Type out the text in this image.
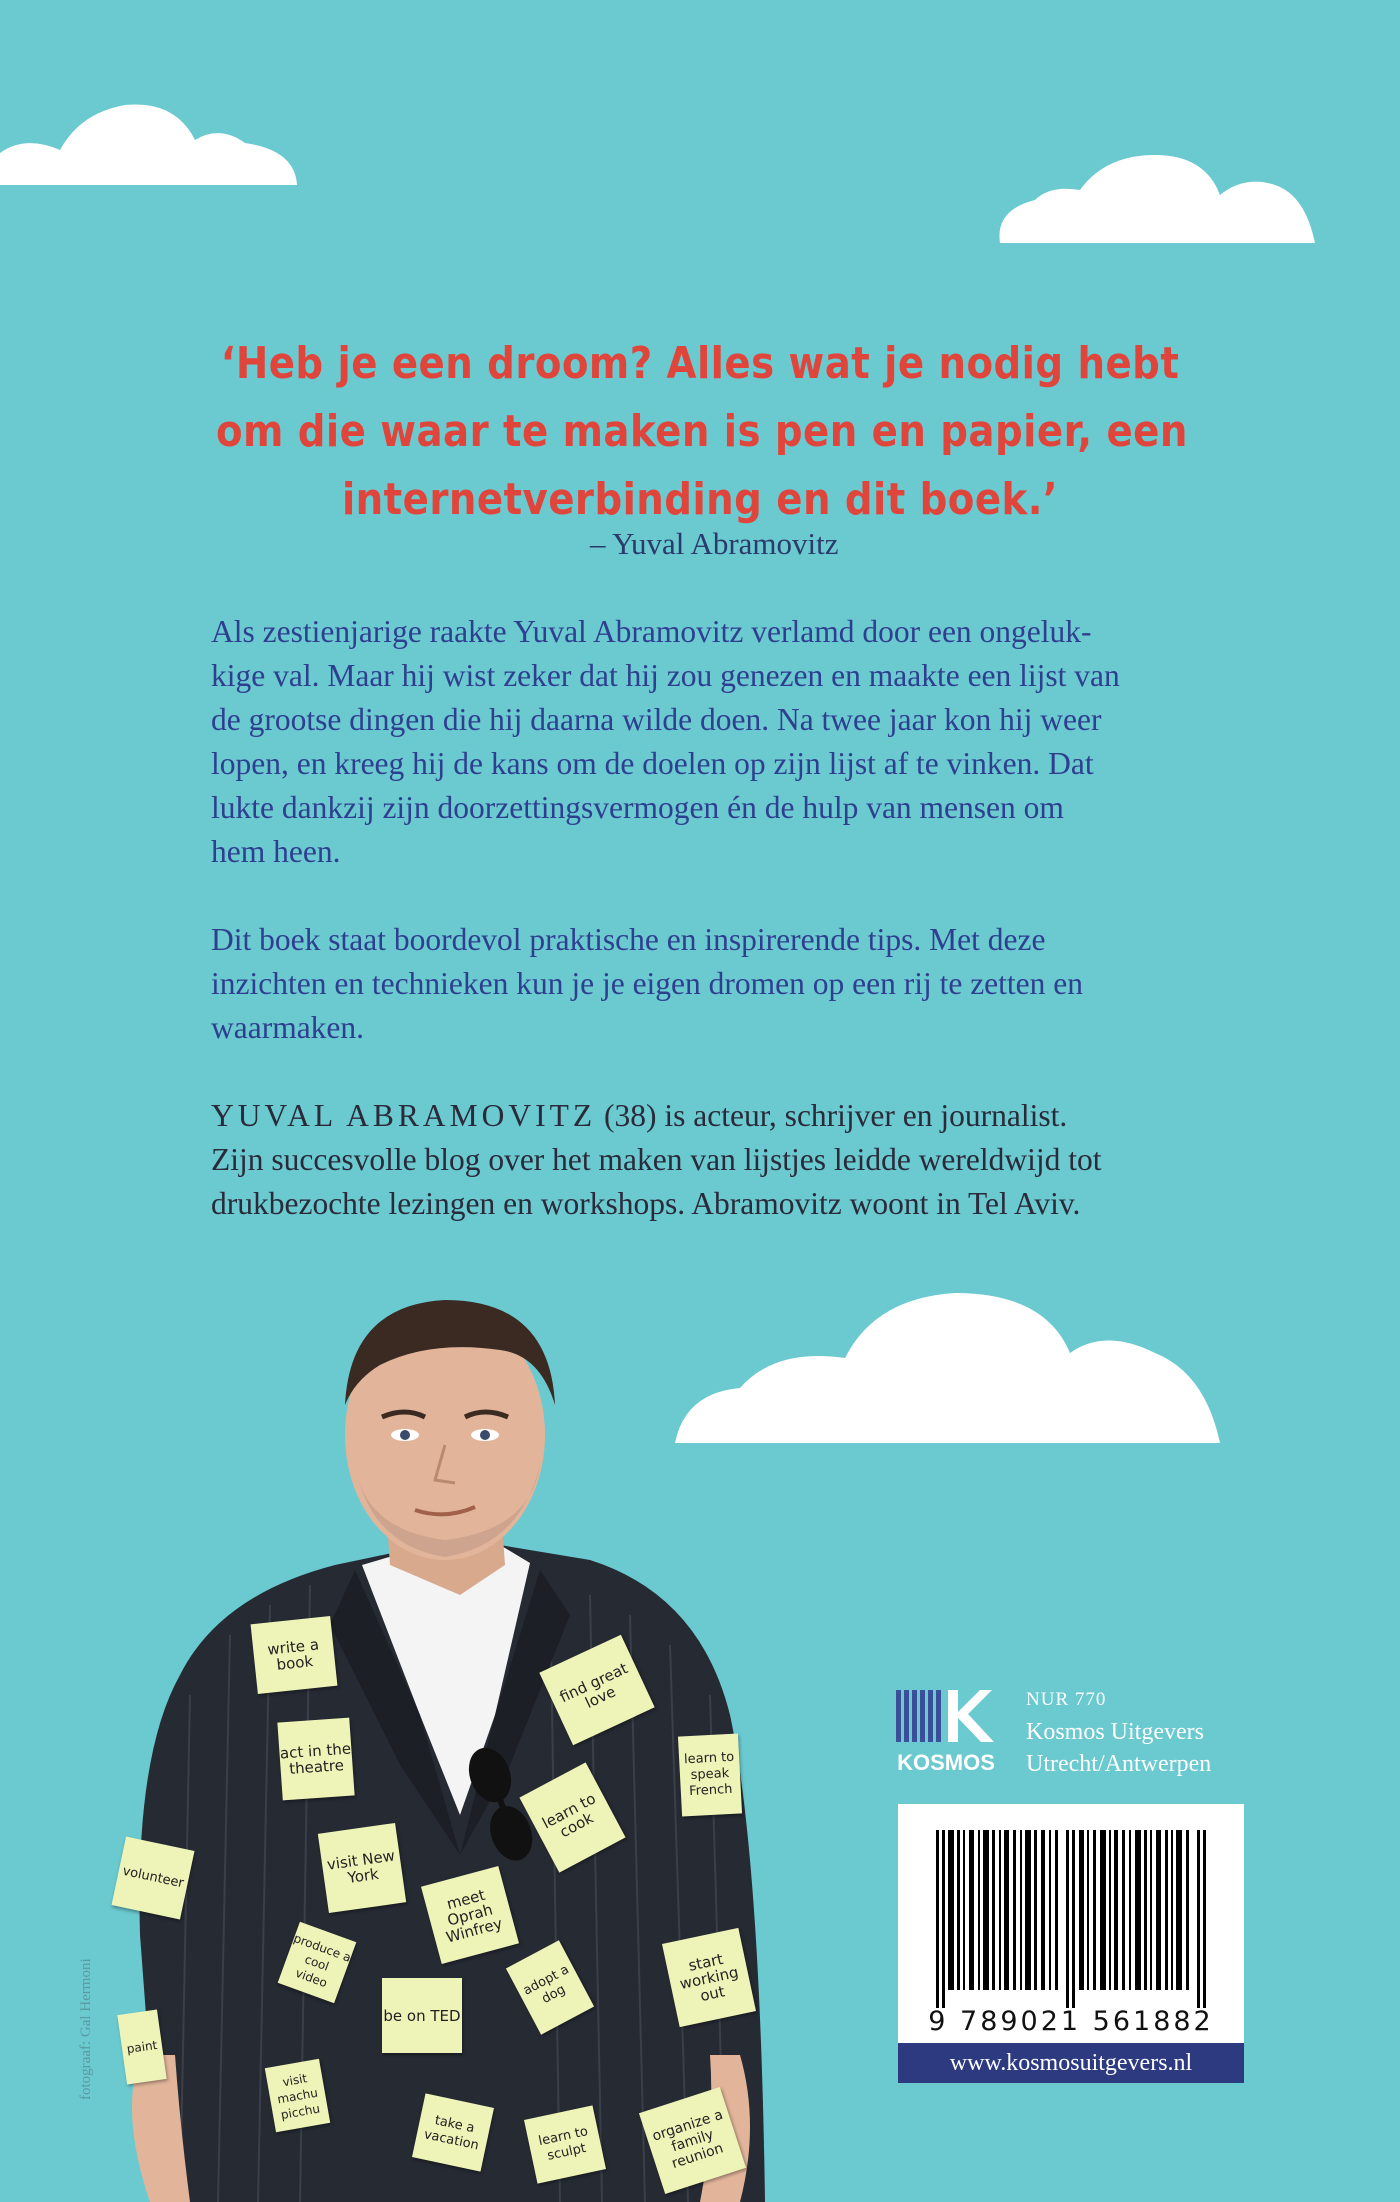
‘Heb je een droom? Alles wat je nodig hebt
om die waar te maken is pen en papier, een
internetverbinding en dit boek.’
– Yuval Abramovitz
Als zestienjarige raakte Yuval Abramovitz verlamd door een ongeluk-
kige val. Maar hij wist zeker dat hij zou genezen en maakte een lijst van
de grootse dingen die hij daarna wilde doen. Na twee jaar kon hij weer
lopen, en kreeg hij de kans om de doelen op zijn lijst af te vinken. Dat
lukte dankzij zijn doorzettingsvermogen én de hulp van mensen om
hem heen.
Dit boek staat boordevol praktische en inspirerende tips. Met deze
inzichten en technieken kun je je eigen dromen op een rij te zetten en
waarmaken.
YUVAL ABRAMOVITZ (38) is acteur, schrijver en journalist.
Zijn succesvolle blog over het maken van lijstjes leidde wereldwijd tot
drukbezochte lezingen en workshops. Abramovitz woont in Tel Aviv.
fotograaf: Gal Hermoni
write a book	find great love
act in the theatre	learn to speak French
learn to cook
visit New York
volunteer
meet Oprah Winfrey
produce a cool video
start working out
adopt a dog
be on TED
paint
visit machu picchu
take a vacation	learn to sculpt
organize a family reunion
KOSMOS
NUR 770
Kosmos Uitgevers
Utrecht/Antwerpen
9 789021 561882
www.kosmosuitgevers.nl
